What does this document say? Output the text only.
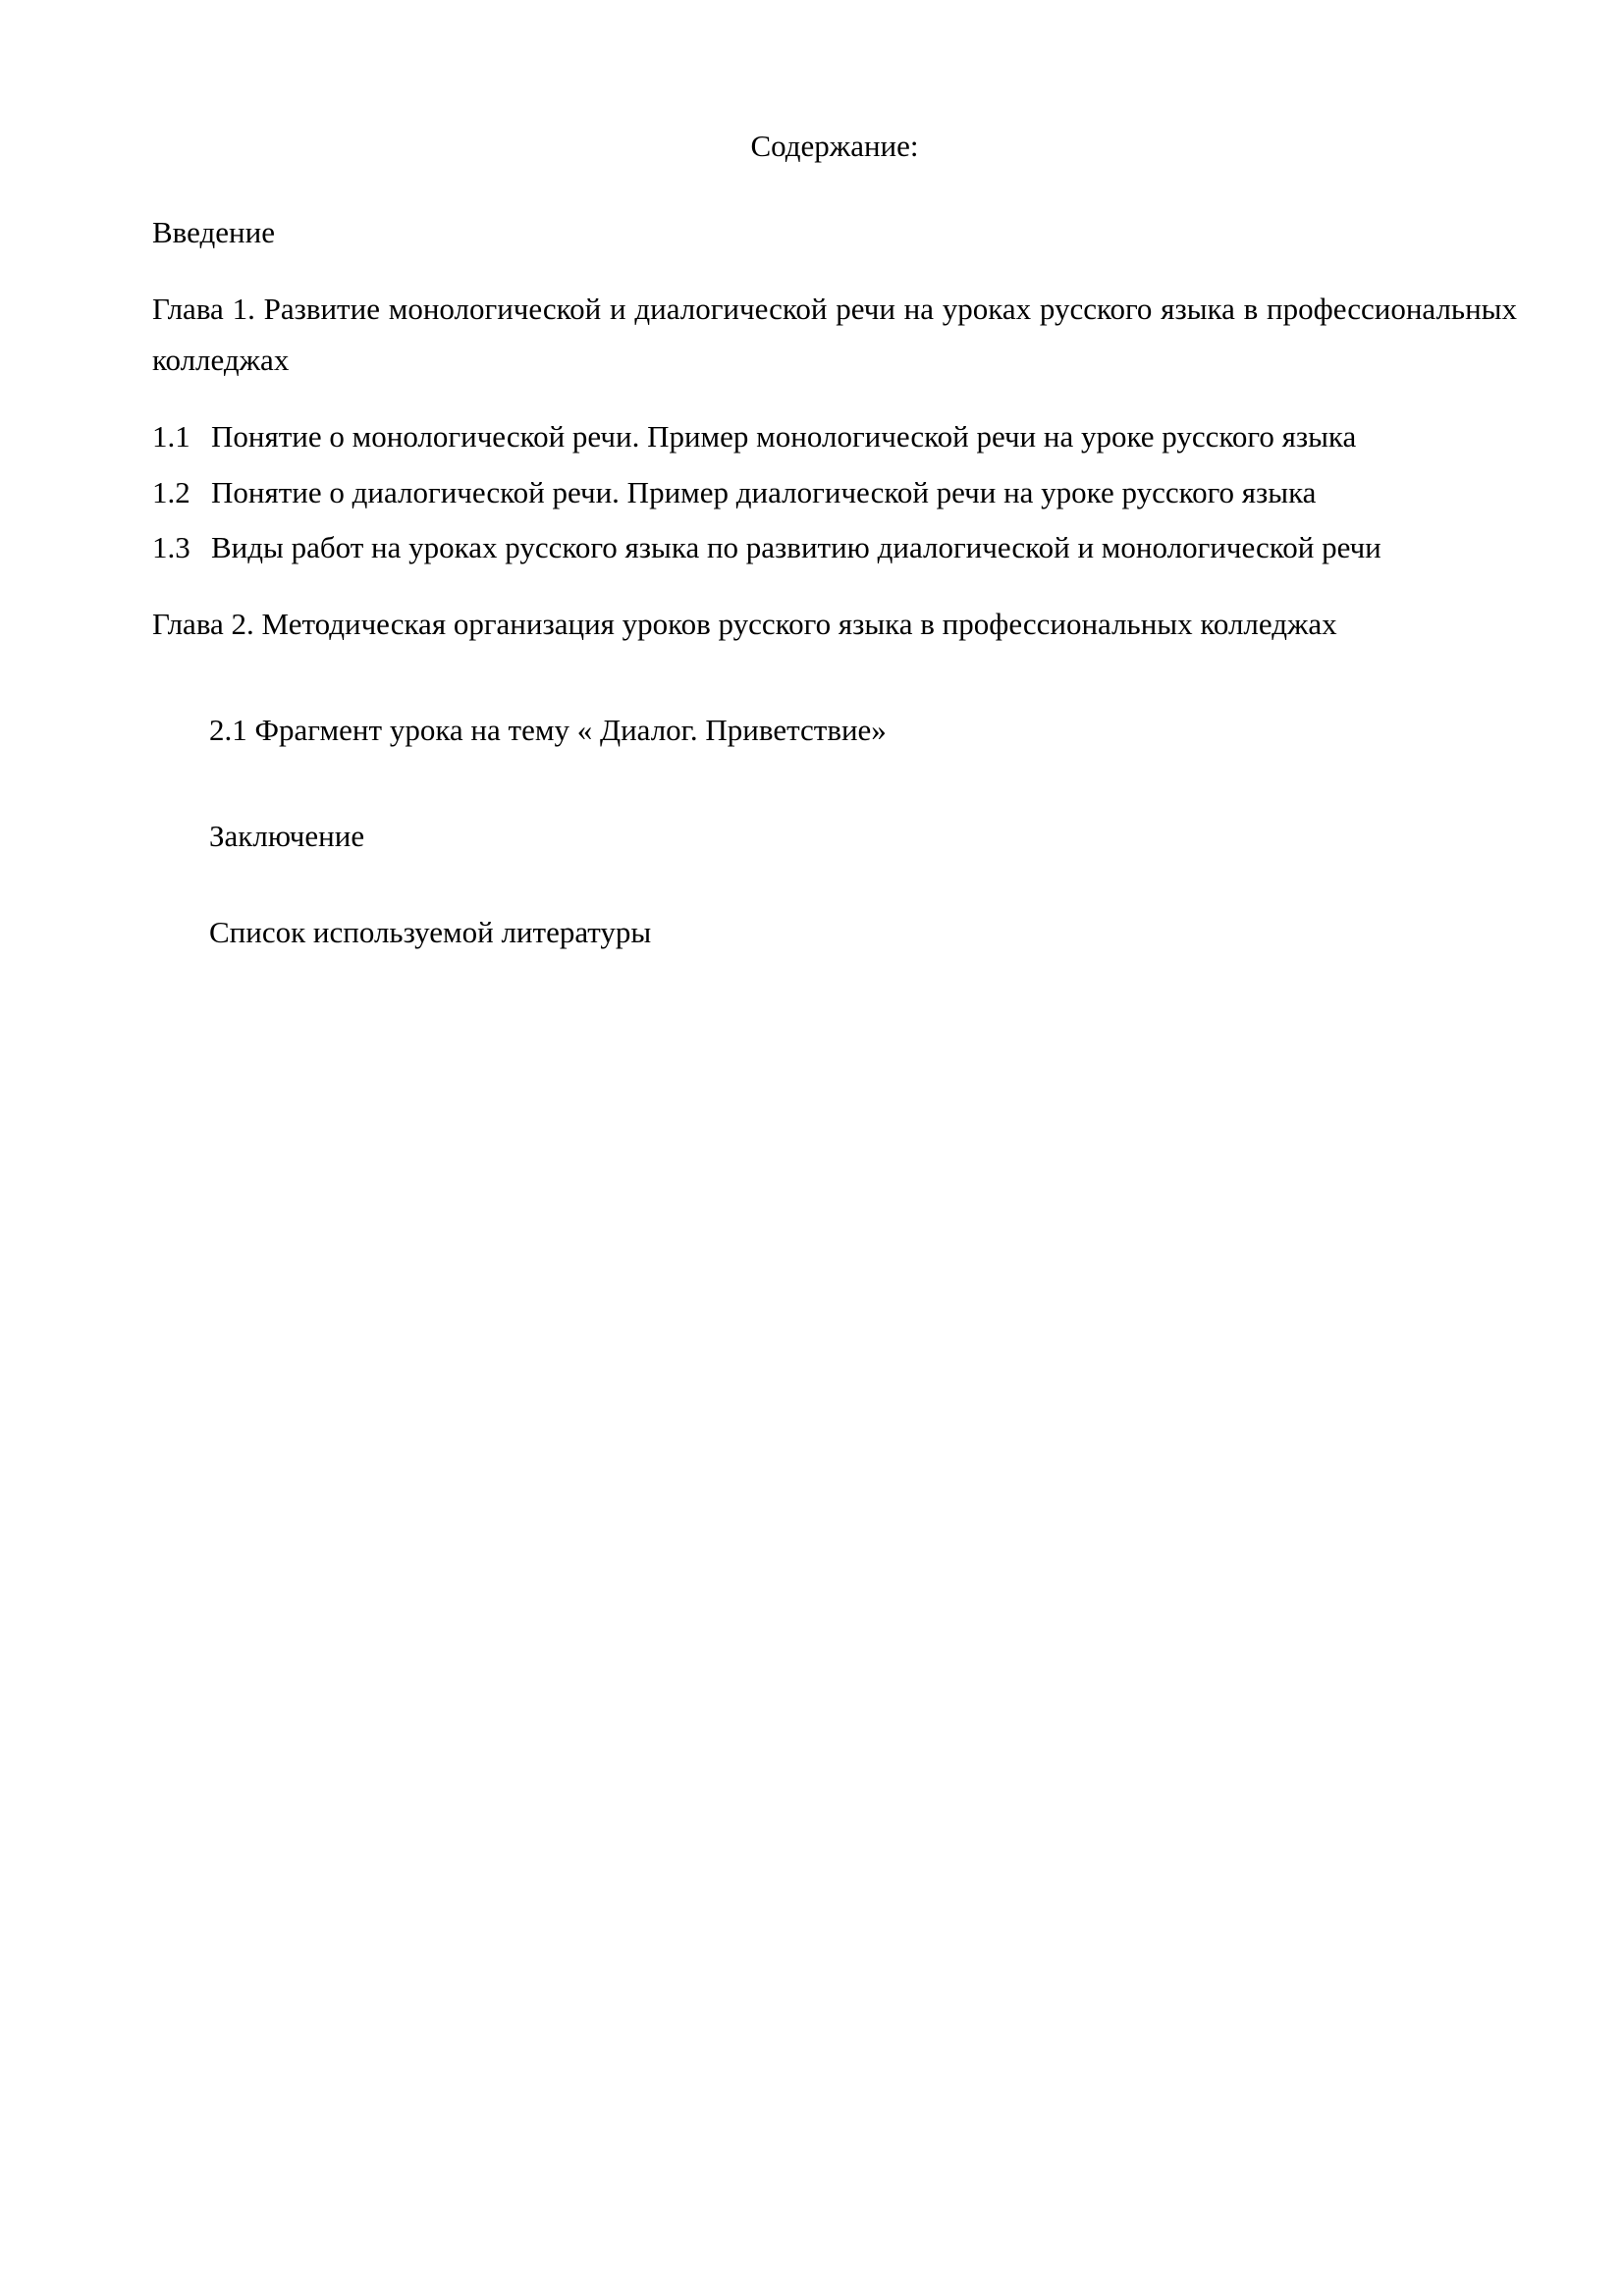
Содержание:

Введение

Глава 1. Развитие монологической и диалогической речи на уроках русского языка в профессиональных колледжах

1.1 Понятие о монологической речи. Пример монологической речи на уроке русского языка
1.2 Понятие о диалогической речи. Пример диалогической речи на уроке русского языка
1.3 Виды работ на уроках русского языка по развитию диалогической и монологической речи

Глава 2. Методическая организация уроков русского языка в профессиональных колледжах

2.1 Фрагмент урока на тему « Диалог. Приветствие»

Заключение

Список используемой литературы
